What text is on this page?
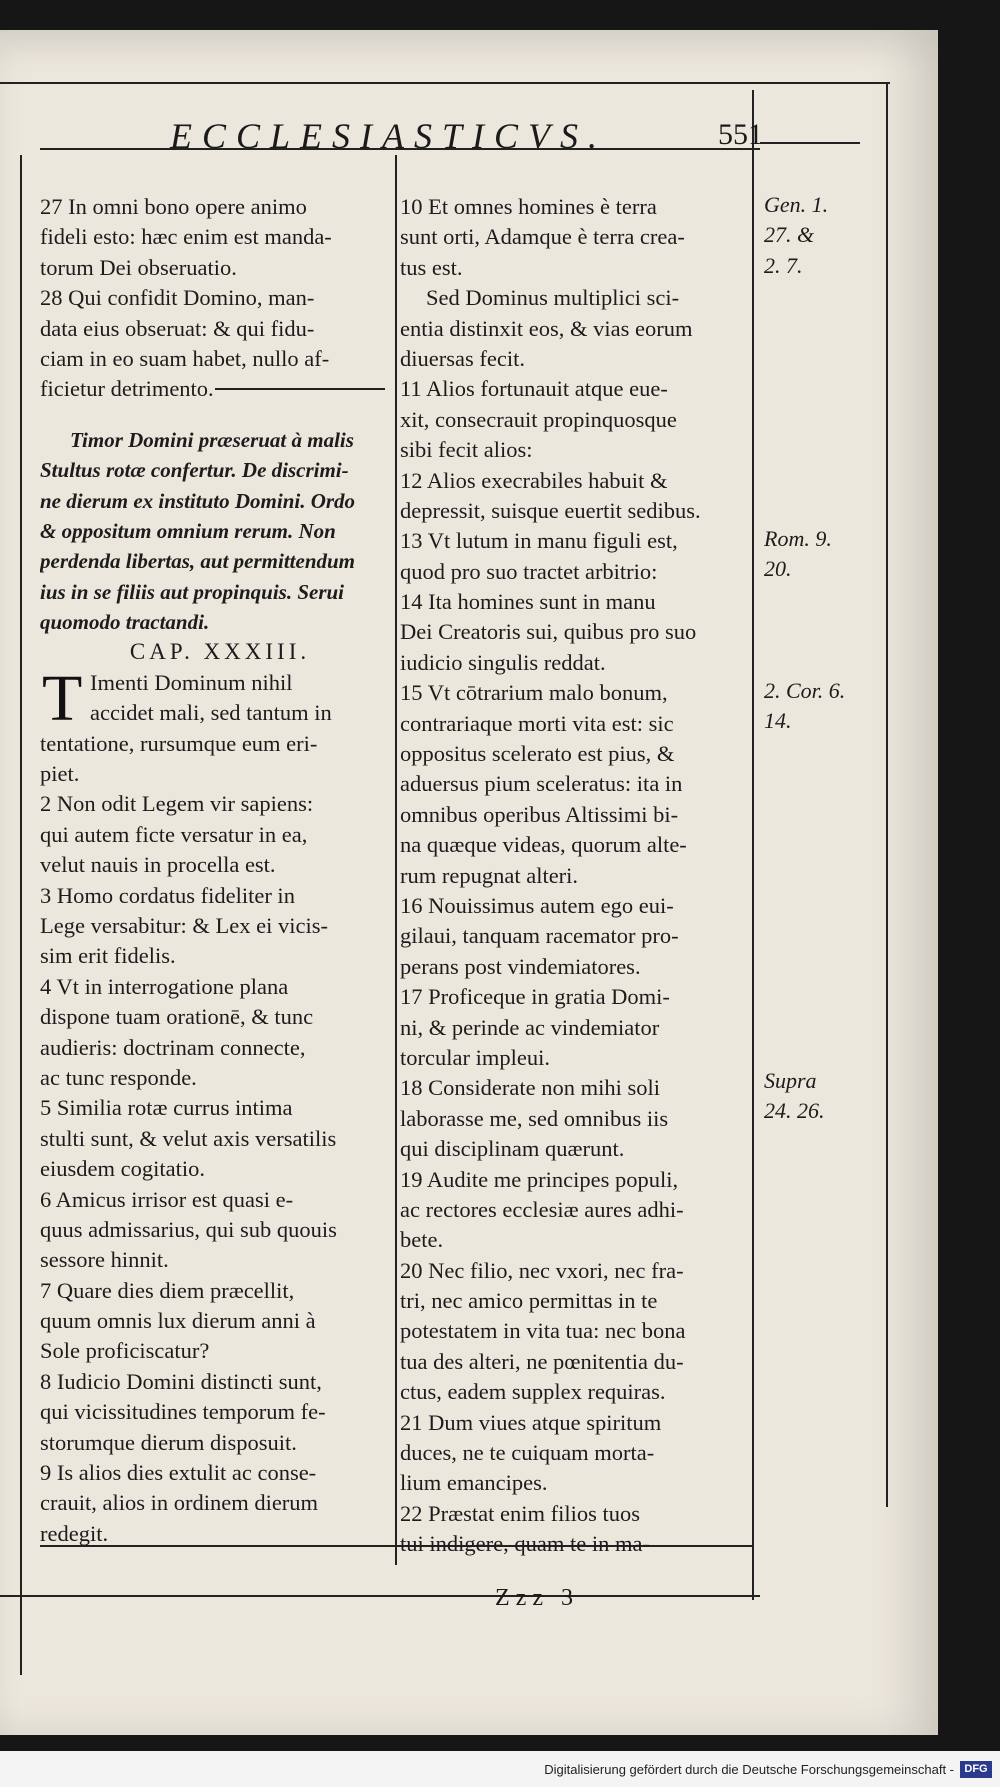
ECCLESIASTICVS.	551
27 In omni bono opere animo
fideli esto: hæc enim est manda-
torum Dei obseruatio.
28 Qui confidit Domino, man-
data eius obseruat: & qui fidu-
ciam in eo suam habet, nullo af-
ficietur detrimento.
Timor Domini præseruat à malis
Stultus rotæ confertur. De discrimi-
ne dierum ex instituto Domini. Ordo
& oppositum omnium rerum. Non
perdenda libertas, aut permittendum
ius in se filiis aut propinquis. Serui
quomodo tractandi.
CAP. XXXIII.
T Imenti Dominum nihil
accidet mali, sed tantum in
tentatione, rursumque eum eri-
piet.
2 Non odit Legem vir sapiens:
qui autem ficte versatur in ea,
velut nauis in procella est.
3 Homo cordatus fideliter in
Lege versabitur: & Lex ei vicis-
sim erit fidelis.
4 Vt in interrogatione plana
dispone tuam orationē, & tunc
audieris: doctrinam connecte,
ac tunc responde.
5 Similia rotæ currus intima
stulti sunt, & velut axis versatilis
eiusdem cogitatio.
6 Amicus irrisor est quasi e-
quus admissarius, qui sub quouis
sessore hinnit.
7 Quare dies diem præcellit,
quum omnis lux dierum anni à
Sole proficiscatur?
8 Iudicio Domini distincti sunt,
qui vicissitudines temporum fe-
storumque dierum disposuit.
9 Is alios dies extulit ac conse-
crauit, alios in ordinem dierum
redegit.
10 Et omnes homines è terra
sunt orti, Adamque è terra crea-
tus est.
Sed Dominus multiplici sci-
entia distinxit eos, & vias eorum
diuersas fecit.
11 Alios fortunauit atque eue-
xit, consecrauit propinquosque
sibi fecit alios:
12 Alios execrabiles habuit &
depressit, suisque euertit sedibus.
13 Vt lutum in manu figuli est,
quod pro suo tractet arbitrio:
14 Ita homines sunt in manu
Dei Creatoris sui, quibus pro suo
iudicio singulis reddat.
15 Vt cōtrarium malo bonum,
contrariaque morti vita est: sic
oppositus scelerato est pius, &
aduersus pium sceleratus: ita in
omnibus operibus Altissimi bi-
na quæque videas, quorum alte-
rum repugnat alteri.
16 Nouissimus autem ego eui-
gilaui, tanquam racemator pro-
perans post vindemiatores.
17 Proficeque in gratia Domi-
ni, & perinde ac vindemiator
torcular impleui.
18 Considerate non mihi soli
laborasse me, sed omnibus iis
qui disciplinam quærunt.
19 Audite me principes populi,
ac rectores ecclesiæ aures adhi-
bete.
20 Nec filio, nec vxori, nec fra-
tri, nec amico permittas in te
potestatem in vita tua: nec bona
tua des alteri, ne pœnitentia du-
ctus, eadem supplex requiras.
21 Dum viues atque spiritum
duces, ne te cuiquam morta-
lium emancipes.
22 Præstat enim filios tuos
tui indigere, quam te in ma-
Gen. 1.
27. &
2. 7.
Rom. 9.
20.
2. Cor. 6.
14.
Supra
24. 26.
Zzz 3
Digitalisierung gefördert durch die Deutsche Forschungsgemeinschaft - DFG
